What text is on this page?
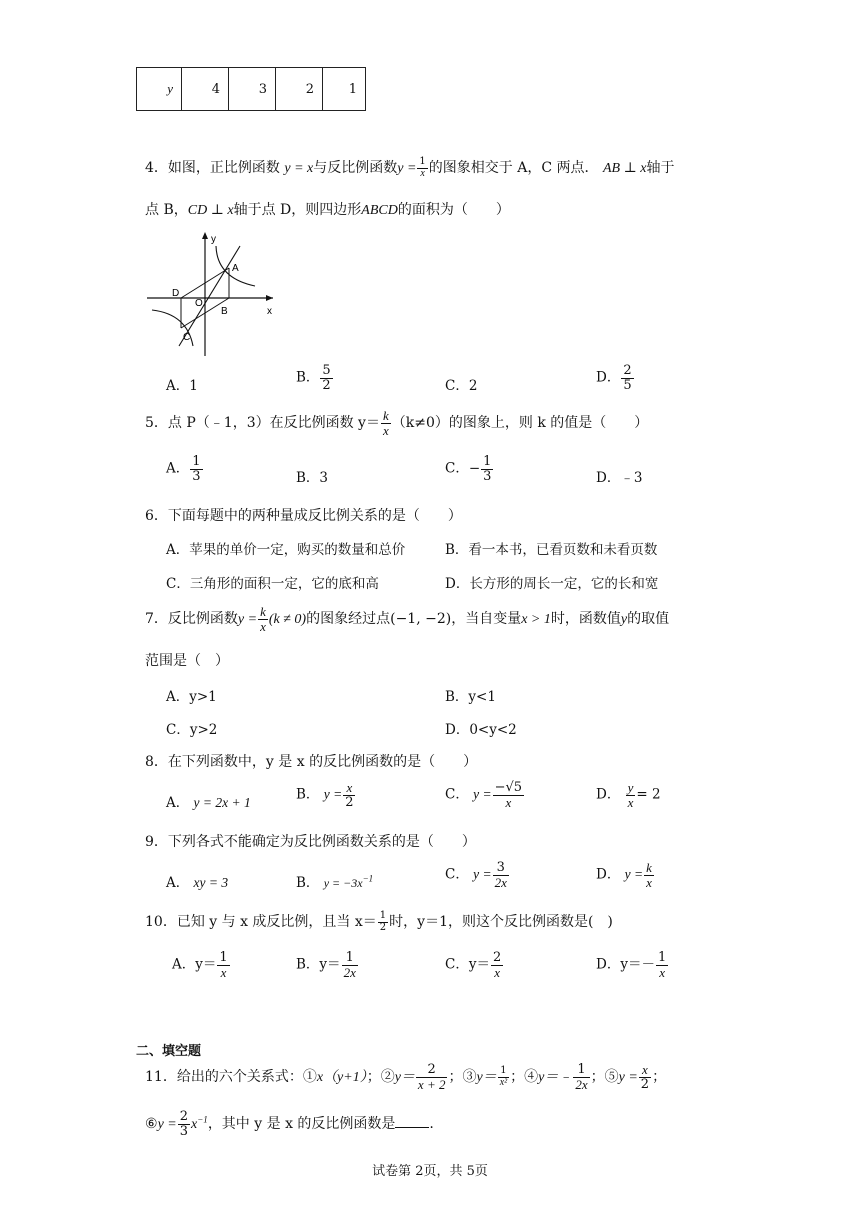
y	4	3	2	1
4．如图，正比例函数 y = x与反比例函数$y = \frac{1}{x}$ 的图象相交于 A，C 两点． AB ⊥ x轴于
点 B，CD ⊥ x轴于点 D，则四边形ABCD的面积为（　　）
y
x
A
B
C
D
O
A．1
B． $\frac{5}{2}$	C．2
D． $\frac{2}{5}$
5．点 P（﹣1，3）在反比例函数 $y= \frac{k}{x} (k\ne 0)$的图象上，则 k 的值是（　　）
A． $\frac{1}{3}$	B．3
C．− $\frac{1}{3}$	D．﹣3
6．下面每题中的两种量成反比例关系的是（　　）
A．苹果的单价一定，购买的数量和总价	B．看一本书，已看页数和未看页数
C．三角形的面积一定，它的底和高	D．长方形的周长一定，它的长和宽
7．反比例函数$y = \frac{k}{x} (k \ne 0)$的图象经过点(−1, −2)，当自变量x > 1时，函数值y的取值
范围是（　）
A．y>1	B．y<1
C．y>2	D．0<y<2
8．在下列函数中，y 是 x 的反比例函数的是（　　）
A． y = 2x + 1	B． $y = \frac{x}{2}$	C． $y = \frac{-√5}{x}$	D． $\frac{y}{x} = 2$
9．下列各式不能确定为反比例函数关系的是（　　）
A． xy = 3	B． $y = -3x^{-1}$	C． $y = \frac{3}{2x}$	D． $y = \frac{k}{x}$
10．已知 y 与 x 成反比例，且当 $x= \frac{1}{2}$ 时，y＝1，则这个反比例函数是(　)
A．$y= \frac{1}{x}$	B．$y= \frac{1}{2x}$	C．$y= \frac{2}{x}$	D．$y=- \frac{1}{x}$
二、填空题
11．给出的六个关系式：①x（y+1）；②y＝ $\frac{2}{x + 2}$ ；③y＝ $\frac{1}{\text{x²}}$ ；④y＝﹣ $\frac{1}{2x}$ ；⑤y = $\frac{x}{2}$ ；
⑥y = $\frac{2}{3} x^{-1}$，其中 y 是 x 的反比例函数是 .
试卷第 2页，共 5页
